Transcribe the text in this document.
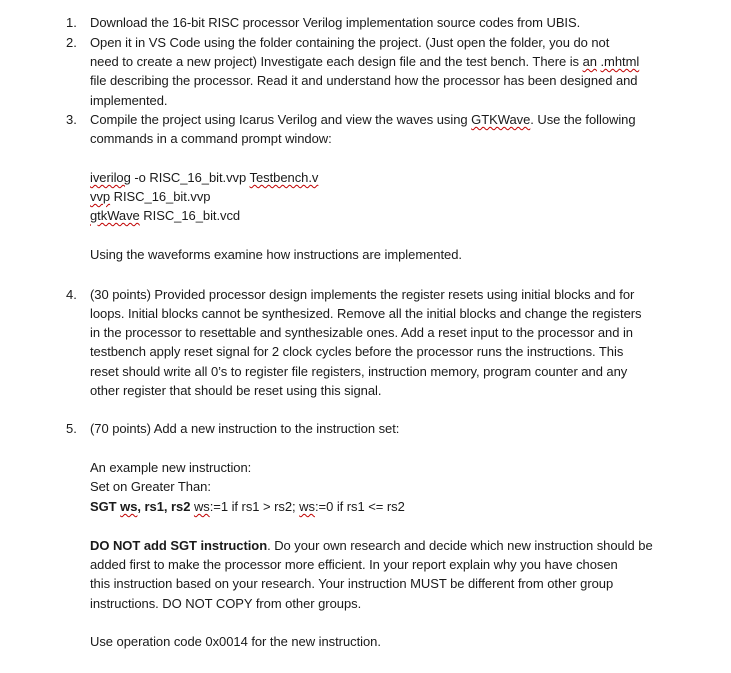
1. Download the 16-bit RISC processor Verilog implementation source codes from UBIS.
2. Open it in VS Code using the folder containing the project. (Just open the folder, you do not
need to create a new project) Investigate each design file and the test bench. There is an .mhtml
file describing the processor. Read it and understand how the processor has been designed and
implemented.
3. Compile the project using Icarus Verilog and view the waves using GTKWave. Use the following
commands in a command prompt window:
iverilog -o RISC_16_bit.vvp Testbench.v
vvp RISC_16_bit.vvp
gtkWave RISC_16_bit.vcd
Using the waveforms examine how instructions are implemented.
4. (30 points) Provided processor design implements the register resets using initial blocks and for
loops. Initial blocks cannot be synthesized. Remove all the initial blocks and change the registers
in the processor to resettable and synthesizable ones. Add a reset input to the processor and in
testbench apply reset signal for 2 clock cycles before the processor runs the instructions. This
reset should write all 0’s to register file registers, instruction memory, program counter and any
other register that should be reset using this signal.
5. (70 points) Add a new instruction to the instruction set:
An example new instruction:
Set on Greater Than:
SGT ws, rs1, rs2 ws:=1 if rs1 > rs2; ws:=0 if rs1 <= rs2
DO NOT add SGT instruction. Do your own research and decide which new instruction should be
added first to make the processor more efficient. In your report explain why you have chosen
this instruction based on your research. Your instruction MUST be different from other group
instructions. DO NOT COPY from other groups.
Use operation code 0x0014 for the new instruction.
